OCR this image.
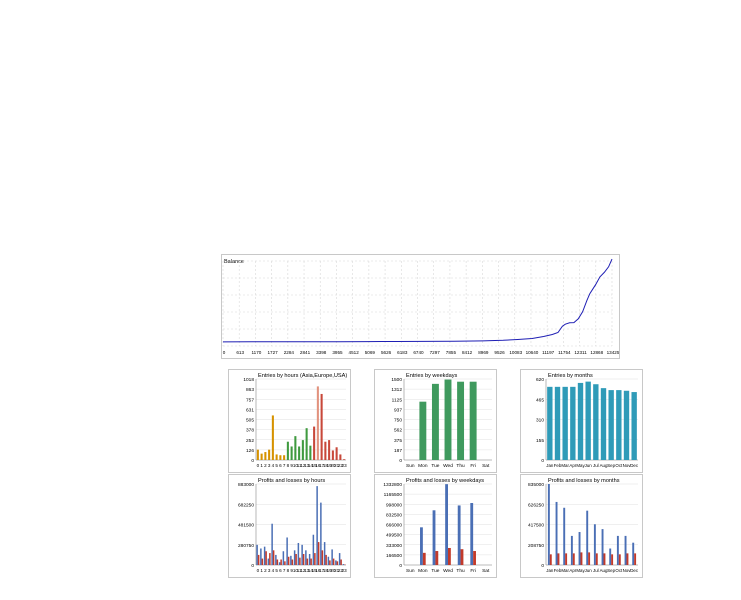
Balance
0 613 1170 1727 2284 2841 3398 3955 4512 5069 5626 6183 6740 7297 7855 8412 8969 9526 10083 10640 11197 11754 12311 12868 13425
Entries by hours (Asia,Europe,USA)
1018
863
757
631
505
378
252
126
0
0 1 2 3 4 5 6 7 8 9 10
11
12
13
14
15
16
17
18
19
20
21
22
23
Entries by weekdays
1500
1312
1125
937
750
562
375
187
0
Sun Mon Tue Wed Thu Fri Sat
Entries by months
620
465
310
155
0
Jan Feb Mar Apr May Jun Jul Aug Sep Oct Nov Dec
Profits and losses by hours
883000
682250
481500
280750
0
0 1 2 3 4 5 6 7 8 9 10
11
12
13
14
15
16
17
18
19
20
21
22
23
Profits and losses by weekdays
1332800
1165500
998000
832500
666000
499500
333000
166500
0
Sun Mon Tue Wed Thu Fri Sat
Profits and losses by months
835000
626250
417500
208750
0
Jan Feb Mar Apr May Jun Jul Aug Sep Oct Nov Dec
